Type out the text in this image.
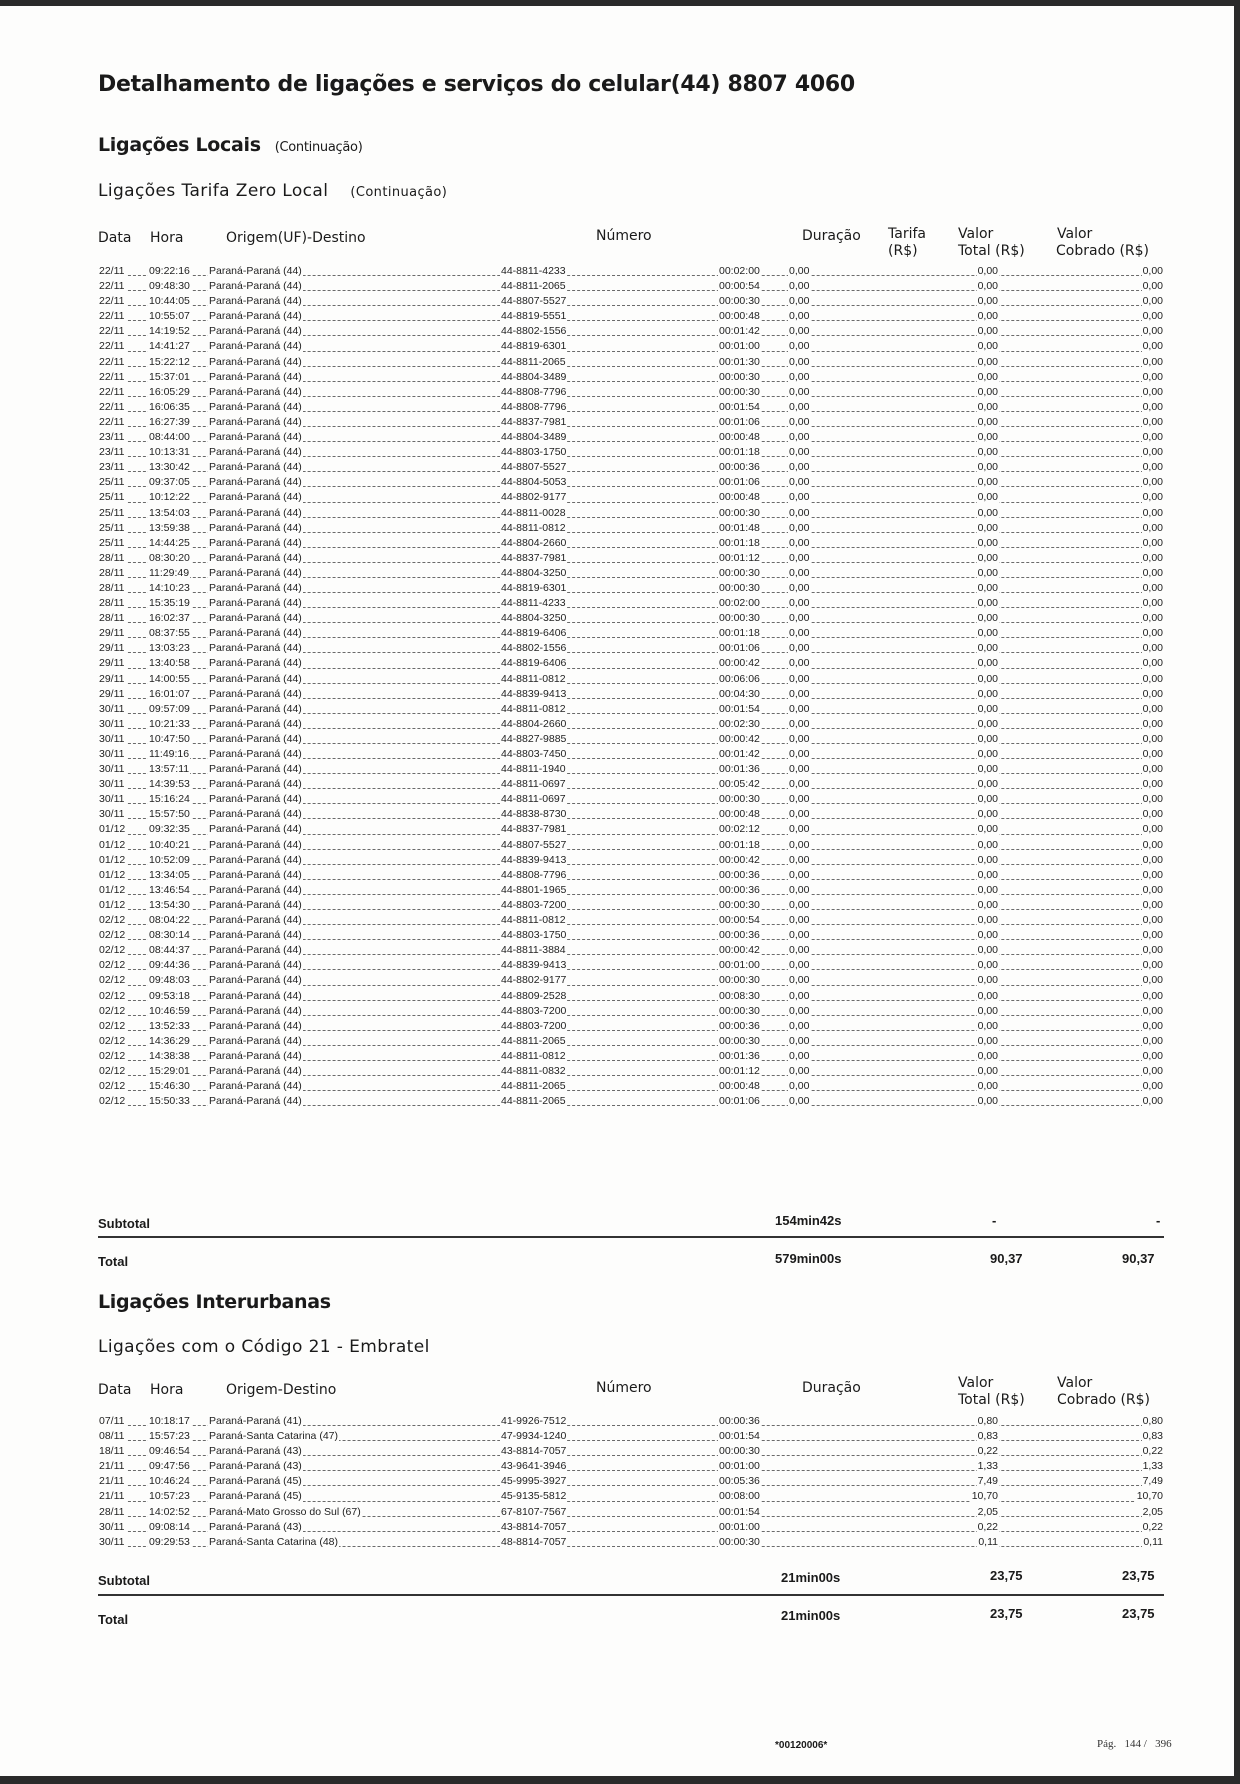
Detalhamento de ligações e serviços do celular(44) 8807 4060
Ligações Locais (Continuação)
Ligações Tarifa Zero Local (Continuação)
Data Hora	Origem(UF)-Destino	Número	Duração Tarifa
(R$)
Valor
Total (R$)
Valor
Cobrado (R$)
22/11 09:22:16 Paraná-Paraná (44)	44-8811-4233	00:02:00	0,00	0,00	0,00
22/11 09:48:30 Paraná-Paraná (44)	44-8811-2065	00:00:54	0,00	0,00	0,00
22/11 10:44:05 Paraná-Paraná (44)	44-8807-5527	00:00:30	0,00	0,00	0,00
22/11 10:55:07 Paraná-Paraná (44)	44-8819-5551	00:00:48	0,00	0,00	0,00
22/11 14:19:52 Paraná-Paraná (44)	44-8802-1556	00:01:42	0,00	0,00	0,00
22/11 14:41:27 Paraná-Paraná (44)	44-8819-6301	00:01:00	0,00	0,00	0,00
22/11 15:22:12 Paraná-Paraná (44)	44-8811-2065	00:01:30	0,00	0,00	0,00
22/11 15:37:01 Paraná-Paraná (44)	44-8804-3489	00:00:30	0,00	0,00	0,00
22/11 16:05:29 Paraná-Paraná (44)	44-8808-7796	00:00:30	0,00	0,00	0,00
22/11 16:06:35 Paraná-Paraná (44)	44-8808-7796	00:01:54	0,00	0,00	0,00
22/11 16:27:39 Paraná-Paraná (44)	44-8837-7981	00:01:06	0,00	0,00	0,00
23/11 08:44:00 Paraná-Paraná (44)	44-8804-3489	00:00:48	0,00	0,00	0,00
23/11 10:13:31 Paraná-Paraná (44)	44-8803-1750	00:01:18	0,00	0,00	0,00
23/11 13:30:42 Paraná-Paraná (44)	44-8807-5527	00:00:36	0,00	0,00	0,00
25/11 09:37:05 Paraná-Paraná (44)	44-8804-5053	00:01:06	0,00	0,00	0,00
25/11 10:12:22 Paraná-Paraná (44)	44-8802-9177	00:00:48	0,00	0,00	0,00
25/11 13:54:03 Paraná-Paraná (44)	44-8811-0028	00:00:30	0,00	0,00	0,00
25/11 13:59:38 Paraná-Paraná (44)	44-8811-0812	00:01:48	0,00	0,00	0,00
25/11 14:44:25 Paraná-Paraná (44)	44-8804-2660	00:01:18	0,00	0,00	0,00
28/11 08:30:20 Paraná-Paraná (44)	44-8837-7981	00:01:12	0,00	0,00	0,00
28/11 11:29:49 Paraná-Paraná (44)	44-8804-3250	00:00:30	0,00	0,00	0,00
28/11 14:10:23 Paraná-Paraná (44)	44-8819-6301	00:00:30	0,00	0,00	0,00
28/11 15:35:19 Paraná-Paraná (44)	44-8811-4233	00:02:00	0,00	0,00	0,00
28/11 16:02:37 Paraná-Paraná (44)	44-8804-3250	00:00:30	0,00	0,00	0,00
29/11 08:37:55 Paraná-Paraná (44)	44-8819-6406	00:01:18	0,00	0,00	0,00
29/11 13:03:23 Paraná-Paraná (44)	44-8802-1556	00:01:06	0,00	0,00	0,00
29/11 13:40:58 Paraná-Paraná (44)	44-8819-6406	00:00:42	0,00	0,00	0,00
29/11 14:00:55 Paraná-Paraná (44)	44-8811-0812	00:06:06	0,00	0,00	0,00
29/11 16:01:07 Paraná-Paraná (44)	44-8839-9413	00:04:30	0,00	0,00	0,00
30/11 09:57:09 Paraná-Paraná (44)	44-8811-0812	00:01:54	0,00	0,00	0,00
30/11 10:21:33 Paraná-Paraná (44)	44-8804-2660	00:02:30	0,00	0,00	0,00
30/11 10:47:50 Paraná-Paraná (44)	44-8827-9885	00:00:42	0,00	0,00	0,00
30/11 11:49:16 Paraná-Paraná (44)	44-8803-7450	00:01:42	0,00	0,00	0,00
30/11 13:57:11 Paraná-Paraná (44)	44-8811-1940	00:01:36	0,00	0,00	0,00
30/11 14:39:53 Paraná-Paraná (44)	44-8811-0697	00:05:42	0,00	0,00	0,00
30/11 15:16:24 Paraná-Paraná (44)	44-8811-0697	00:00:30	0,00	0,00	0,00
30/11 15:57:50 Paraná-Paraná (44)	44-8838-8730	00:00:48	0,00	0,00	0,00
01/12 09:32:35 Paraná-Paraná (44)	44-8837-7981	00:02:12	0,00	0,00	0,00
01/12 10:40:21 Paraná-Paraná (44)	44-8807-5527	00:01:18	0,00	0,00	0,00
01/12 10:52:09 Paraná-Paraná (44)	44-8839-9413	00:00:42	0,00	0,00	0,00
01/12 13:34:05 Paraná-Paraná (44)	44-8808-7796	00:00:36	0,00	0,00	0,00
01/12 13:46:54 Paraná-Paraná (44)	44-8801-1965	00:00:36	0,00	0,00	0,00
01/12 13:54:30 Paraná-Paraná (44)	44-8803-7200	00:00:30	0,00	0,00	0,00
02/12 08:04:22 Paraná-Paraná (44)	44-8811-0812	00:00:54	0,00	0,00	0,00
02/12 08:30:14 Paraná-Paraná (44)	44-8803-1750	00:00:36	0,00	0,00	0,00
02/12 08:44:37 Paraná-Paraná (44)	44-8811-3884	00:00:42	0,00	0,00	0,00
02/12 09:44:36 Paraná-Paraná (44)	44-8839-9413	00:01:00	0,00	0,00	0,00
02/12 09:48:03 Paraná-Paraná (44)	44-8802-9177	00:00:30	0,00	0,00	0,00
02/12 09:53:18 Paraná-Paraná (44)	44-8809-2528	00:08:30	0,00	0,00	0,00
02/12 10:46:59 Paraná-Paraná (44)	44-8803-7200	00:00:30	0,00	0,00	0,00
02/12 13:52:33 Paraná-Paraná (44)	44-8803-7200	00:00:36	0,00	0,00	0,00
02/12 14:36:29 Paraná-Paraná (44)	44-8811-2065	00:00:30	0,00	0,00	0,00
02/12 14:38:38 Paraná-Paraná (44)	44-8811-0812	00:01:36	0,00	0,00	0,00
02/12 15:29:01 Paraná-Paraná (44)	44-8811-0832	00:01:12	0,00	0,00	0,00
02/12 15:46:30 Paraná-Paraná (44)	44-8811-2065	00:00:48	0,00	0,00	0,00
02/12 15:50:33 Paraná-Paraná (44)	44-8811-2065	00:01:06	0,00	0,00	0,00
Subtotal	154min42s	-	-
Total	579min00s	90,37	90,37
Ligações Interurbanas
Ligações com o Código 21 - Embratel
Data Hora	Origem-Destino	Número	Duração	Valor
Total (R$)
Valor
Cobrado (R$)
07/11 10:18:17 Paraná-Paraná (41)	41-9926-7512	00:00:36	0,80	0,80
08/11 15:57:23 Paraná-Santa Catarina (47)	47-9934-1240	00:01:54	0,83	0,83
18/11 09:46:54 Paraná-Paraná (43)	43-8814-7057	00:00:30	0,22	0,22
21/11 09:47:56 Paraná-Paraná (43)	43-9641-3946	00:01:00	1,33	1,33
21/11 10:46:24 Paraná-Paraná (45)	45-9995-3927	00:05:36	7,49	7,49
21/11 10:57:23 Paraná-Paraná (45)	45-9135-5812	00:08:00	10,70	10,70
28/11 14:02:52 Paraná-Mato Grosso do Sul (67)	67-8107-7567	00:01:54	2,05	2,05
30/11 09:08:14 Paraná-Paraná (43)	43-8814-7057	00:01:00	0,22	0,22
30/11 09:29:53 Paraná-Santa Catarina (48)	48-8814-7057	00:00:30	0,11	0,11
Subtotal	21min00s	23,75	23,75
Total	21min00s	23,75	23,75
*00120006*	Pág. 144 /   396
